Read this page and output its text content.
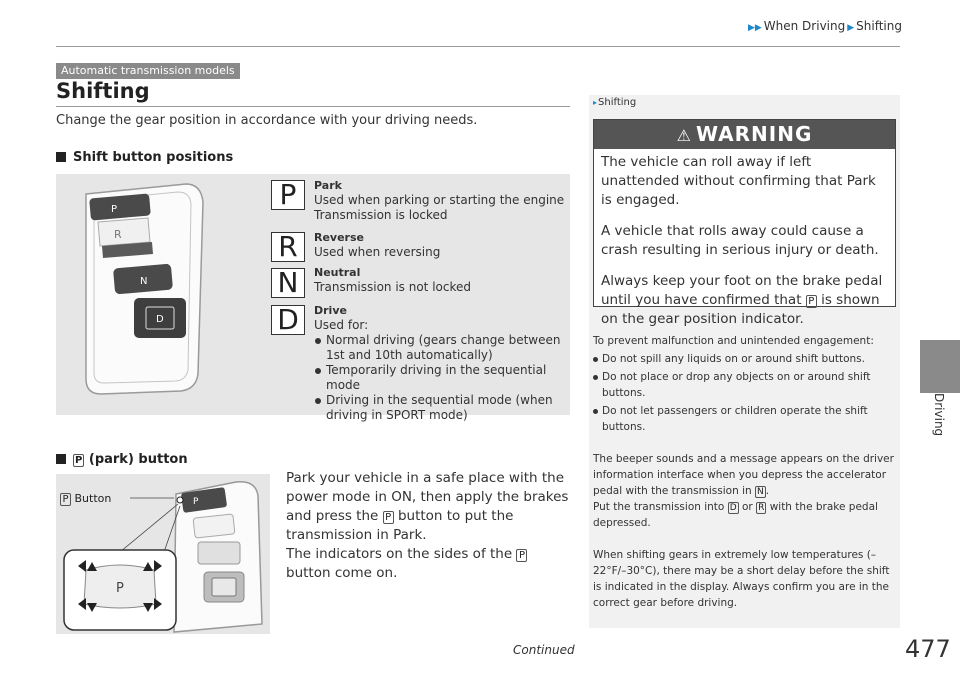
▶▶ When Driving ▶ Shifting
Driving
Automatic transmission models
Shifting
Change the gear position in accordance with your driving needs.
Shift button positions
P
R
N
D
P
R
N
D
Park
Used when parking or starting the engine
Transmission is locked
Reverse
Used when reversing
Neutral
Transmission is not locked
Drive
Used for:
Normal driving (gears change between 1st and 10th automatically)
Temporarily driving in the sequential mode
Driving in the sequential mode (when driving in SPORT mode)
P (park) button
P
P
P Button
Park your vehicle in a safe place with the power mode in ON, then apply the brakes and press the P button to put the transmission in Park.
The indicators on the sides of the P button come on.
▸Shifting
⚠ WARNING

The vehicle can roll away if left unattended without confirming that Park is engaged.

A vehicle that rolls away could cause a crash resulting in serious injury or death.

Always keep your foot on the brake pedal until you have confirmed that P is shown on the gear position indicator.

To prevent malfunction and unintended engagement:

Do not spill any liquids on or around shift buttons.

Do not place or drop any objects on or around shift buttons.

Do not let passengers or children operate the shift buttons.

The beeper sounds and a message appears on the driver information interface when you depress the accelerator pedal with the transmission in N .
Put the transmission into D or R with the brake pedal depressed.

When shifting gears in extremely low temperatures (–22°F/–30°C), there may be a short delay before the shift is indicated in the display. Always confirm you are in the correct gear before driving.

Continued	477
